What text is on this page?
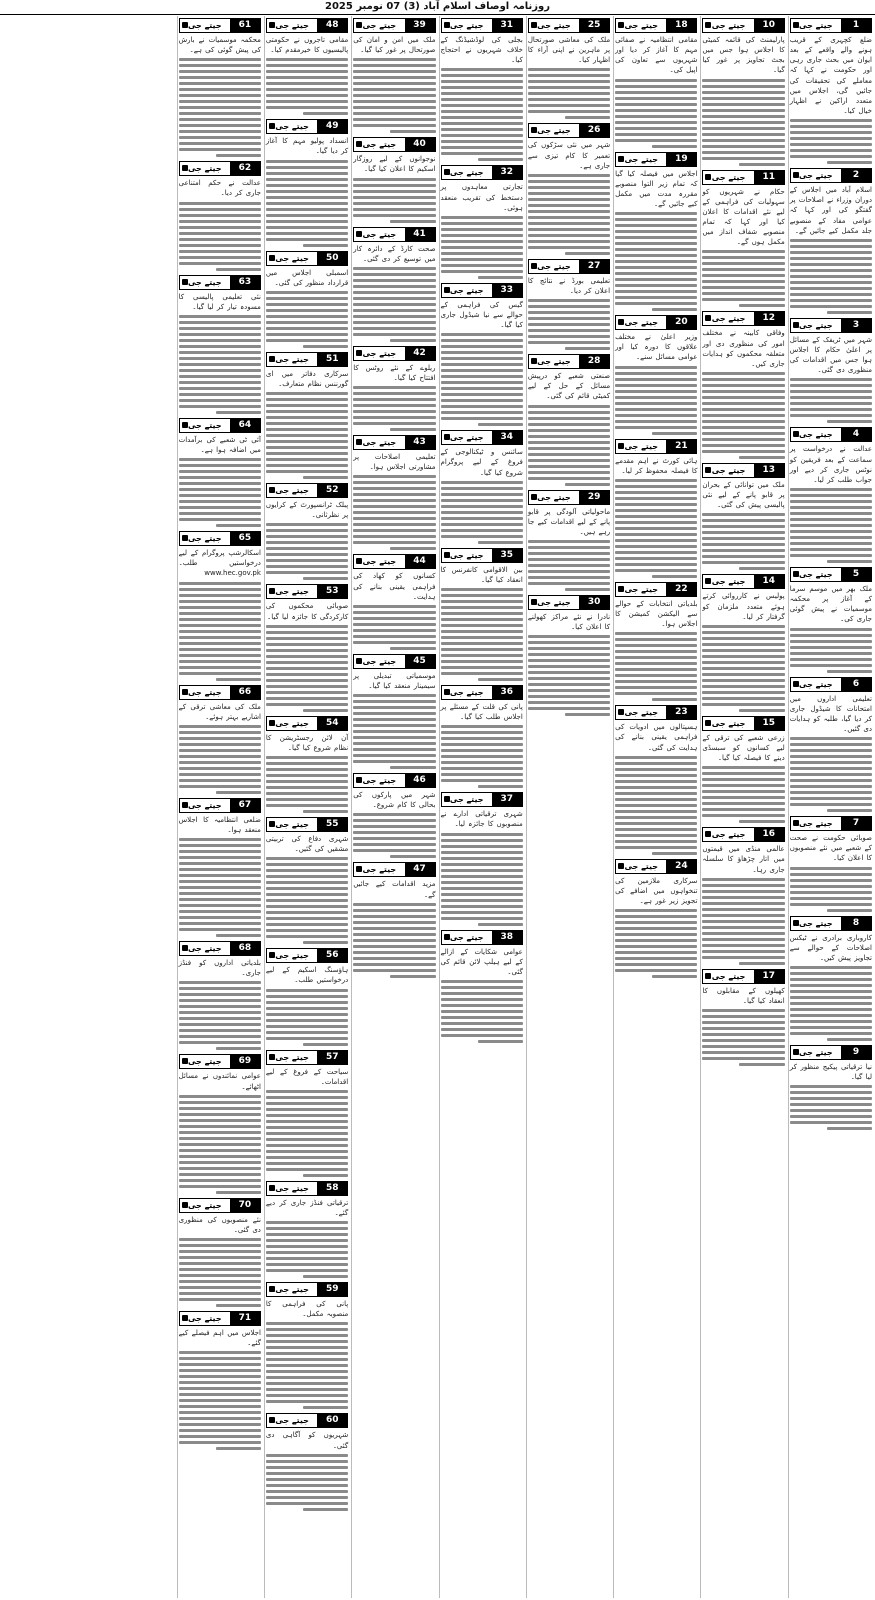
روزنامہ اوصاف اسلام آباد (3) 07 نومبر 2025
1
جیتے جی
ضلع کچہری کے قریب ہونے والے واقعے کے بعد ایوان میں بحث جاری رہی اور حکومت نے کہا کہ معاملے کی تحقیقات کی جائیں گی، اجلاس میں متعدد اراکین نے اظہار خیال کیا۔
2
جیتے جی
اسلام آباد میں اجلاس کے دوران وزراء نے اصلاحات پر گفتگو کی اور کہا کہ عوامی مفاد کے منصوبے جلد مکمل کیے جائیں گے۔
3
جیتے جی
شہر میں ٹریفک کے مسائل پر اعلیٰ حکام کا اجلاس ہوا جس میں اقدامات کی منظوری دی گئی۔
4
جیتے جی
عدالت نے درخواست پر سماعت کے بعد فریقین کو نوٹس جاری کر دیے اور جواب طلب کر لیا۔
5
جیتے جی
ملک بھر میں موسم سرما کے آغاز پر محکمہ موسمیات نے پیش گوئی جاری کی۔
6
جیتے جی
تعلیمی اداروں میں امتحانات کا شیڈول جاری کر دیا گیا، طلبہ کو ہدایات دی گئیں۔
7
جیتے جی
صوبائی حکومت نے صحت کے شعبے میں نئے منصوبوں کا اعلان کیا۔
8
جیتے جی
کاروباری برادری نے ٹیکس اصلاحات کے حوالے سے تجاویز پیش کیں۔
9
جیتے جی
نیا ترقیاتی پیکیج منظور کر لیا گیا۔
10
جیتے جی
پارلیمنٹ کی قائمہ کمیٹی کا اجلاس ہوا جس میں بجٹ تجاویز پر غور کیا گیا۔
11
جیتے جی
حکام نے شہریوں کو سہولیات کی فراہمی کے لیے نئے اقدامات کا اعلان کیا اور کہا کہ تمام منصوبے شفاف انداز میں مکمل ہوں گے۔
12
جیتے جی
وفاقی کابینہ نے مختلف امور کی منظوری دی اور متعلقہ محکموں کو ہدایات جاری کیں۔
13
جیتے جی
ملک میں توانائی کے بحران پر قابو پانے کے لیے نئی پالیسی پیش کی گئی۔
14
جیتے جی
پولیس نے کارروائی کرتے ہوئے متعدد ملزمان کو گرفتار کر لیا۔
15
جیتے جی
زرعی شعبے کی ترقی کے لیے کسانوں کو سبسڈی دینے کا فیصلہ کیا گیا۔
16
جیتے جی
عالمی منڈی میں قیمتوں میں اتار چڑھاؤ کا سلسلہ جاری رہا۔
17
جیتے جی
کھیلوں کے مقابلوں کا انعقاد کیا گیا۔
18
جیتے جی
مقامی انتظامیہ نے صفائی مہم کا آغاز کر دیا اور شہریوں سے تعاون کی اپیل کی۔
19
جیتے جی
اجلاس میں فیصلہ کیا گیا کہ تمام زیر التوا منصوبے مقررہ مدت میں مکمل کیے جائیں گے۔
20
جیتے جی
وزیر اعلیٰ نے مختلف علاقوں کا دورہ کیا اور عوامی مسائل سنے۔
21
جیتے جی
ہائی کورٹ نے اہم مقدمے کا فیصلہ محفوظ کر لیا۔
22
جیتے جی
بلدیاتی انتخابات کے حوالے سے الیکشن کمیشن کا اجلاس ہوا۔
23
جیتے جی
ہسپتالوں میں ادویات کی فراہمی یقینی بنانے کی ہدایت کی گئی۔
24
جیتے جی
سرکاری ملازمین کی تنخواہوں میں اضافے کی تجویز زیر غور ہے۔
25
جیتے جی
ملک کی معاشی صورتحال پر ماہرین نے اپنی آراء کا اظہار کیا۔
26
جیتے جی
شہر میں نئی سڑکوں کی تعمیر کا کام تیزی سے جاری ہے۔
27
جیتے جی
تعلیمی بورڈ نے نتائج کا اعلان کر دیا۔
28
جیتے جی
صنعتی شعبے کو درپیش مسائل کے حل کے لیے کمیٹی قائم کی گئی۔
29
جیتے جی
ماحولیاتی آلودگی پر قابو پانے کے لیے اقدامات کیے جا رہے ہیں۔
30
جیتے جی
نادرا نے نئے مراکز کھولنے کا اعلان کیا۔
31
جیتے جی
بجلی کی لوڈشیڈنگ کے خلاف شہریوں نے احتجاج کیا۔
32
جیتے جی
تجارتی معاہدوں پر دستخط کی تقریب منعقد ہوئی۔
33
جیتے جی
گیس کی فراہمی کے حوالے سے نیا شیڈول جاری کیا گیا۔
34
جیتے جی
سائنس و ٹیکنالوجی کے فروغ کے لیے پروگرام شروع کیا گیا۔
35
جیتے جی
بین الاقوامی کانفرنس کا انعقاد کیا گیا۔
36
جیتے جی
پانی کی قلت کے مسئلے پر اجلاس طلب کیا گیا۔
37
جیتے جی
شہری ترقیاتی ادارے نے منصوبوں کا جائزہ لیا۔
38
جیتے جی
عوامی شکایات کے ازالے کے لیے ہیلپ لائن قائم کی گئی۔
39
جیتے جی
ملک میں امن و امان کی صورتحال پر غور کیا گیا۔
40
جیتے جی
نوجوانوں کے لیے روزگار اسکیم کا اعلان کیا گیا۔
41
جیتے جی
صحت کارڈ کے دائرہ کار میں توسیع کر دی گئی۔
42
جیتے جی
ریلوے کے نئے روٹس کا افتتاح کیا گیا۔
43
جیتے جی
تعلیمی اصلاحات پر مشاورتی اجلاس ہوا۔
44
جیتے جی
کسانوں کو کھاد کی فراہمی یقینی بنانے کی ہدایت۔
45
جیتے جی
موسمیاتی تبدیلی پر سیمینار منعقد کیا گیا۔
46
جیتے جی
شہر میں پارکوں کی بحالی کا کام شروع۔
47
جیتے جی
مزید اقدامات کیے جائیں گے۔
48
جیتے جی
مقامی تاجروں نے حکومتی پالیسیوں کا خیرمقدم کیا۔
49
جیتے جی
انسداد پولیو مہم کا آغاز کر دیا گیا۔
50
جیتے جی
اسمبلی اجلاس میں قرارداد منظور کی گئی۔
51
جیتے جی
سرکاری دفاتر میں ای گورننس نظام متعارف۔
52
جیتے جی
پبلک ٹرانسپورٹ کے کرایوں پر نظرثانی۔
53
جیتے جی
صوبائی محکموں کی کارکردگی کا جائزہ لیا گیا۔
54
جیتے جی
آن لائن رجسٹریشن کا نظام شروع کیا گیا۔
55
جیتے جی
شہری دفاع کی تربیتی مشقیں کی گئیں۔
56
جیتے جی
ہاؤسنگ اسکیم کے لیے درخواستیں طلب۔
57
جیتے جی
سیاحت کے فروغ کے لیے اقدامات۔
58
جیتے جی
ترقیاتی فنڈز جاری کر دیے گئے۔
59
جیتے جی
پانی کی فراہمی کا منصوبہ مکمل۔
60
جیتے جی
شہریوں کو آگاہی دی گئی۔
61
جیتے جی
محکمہ موسمیات نے بارش کی پیش گوئی کی ہے۔
62
جیتے جی
عدالت نے حکم امتناعی جاری کر دیا۔
63
جیتے جی
نئی تعلیمی پالیسی کا مسودہ تیار کر لیا گیا۔
64
جیتے جی
آئی ٹی شعبے کی برآمدات میں اضافہ ہوا ہے۔
65
جیتے جی
اسکالرشپ پروگرام کے لیے درخواستیں طلب۔ www.hec.gov.pk
66
جیتے جی
ملک کی معاشی ترقی کے اشاریے بہتر ہوئے۔
67
جیتے جی
ضلعی انتظامیہ کا اجلاس منعقد ہوا۔
68
جیتے جی
بلدیاتی اداروں کو فنڈز جاری۔
69
جیتے جی
عوامی نمائندوں نے مسائل اٹھائے۔
70
جیتے جی
نئے منصوبوں کی منظوری دی گئی۔
71
جیتے جی
اجلاس میں اہم فیصلے کیے گئے۔
